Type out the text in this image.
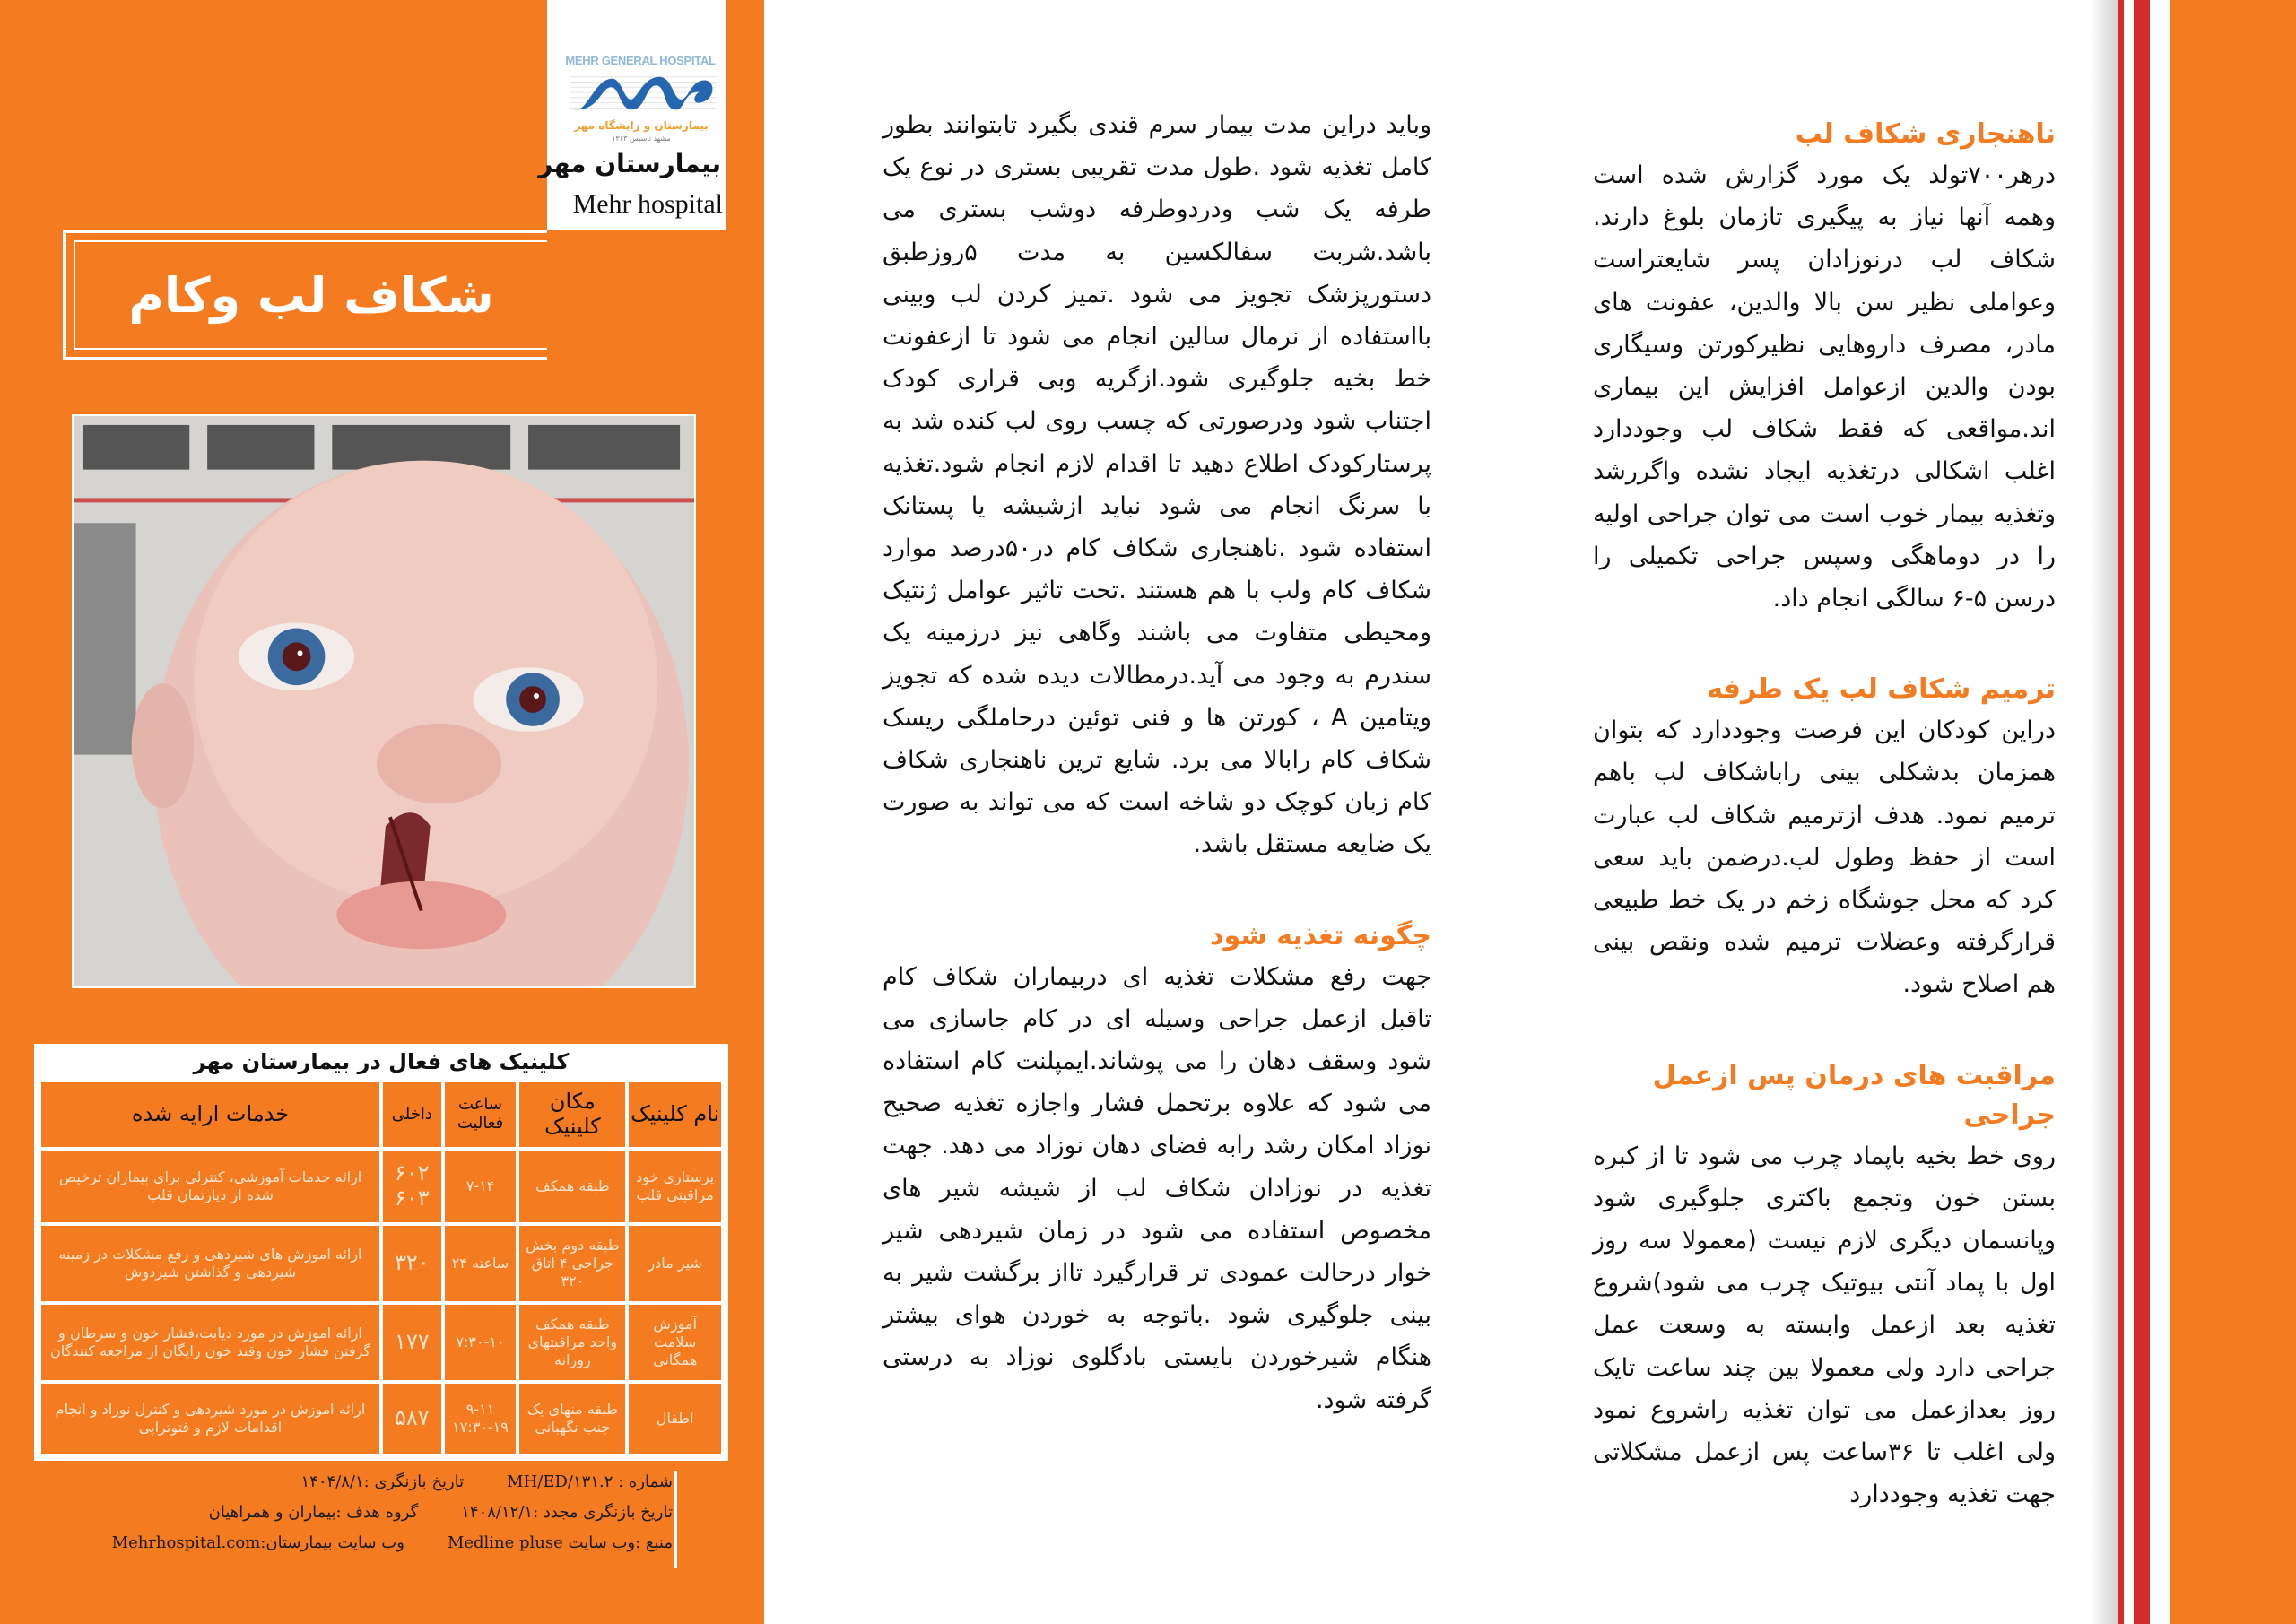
MEHR GENERAL HOSPITAL
بیمارستان و زایشگاه مهر
مشهد تاسیس ۱۳۶۳
بیمارستان مهر
Mehr hospital
شکاف لب وکام
کلینیک های فعال در بیمارستان مهر
نام کلینیک	مکان کلینیک	ساعت فعالیت	داخلی	خدمات ارایه شده
پرستاری خود مراقبتی قلب	طبقه همکف	۷-۱۴	۶۰۲ ۶۰۳	ارائه خدمات آموزشی، کنترلی برای بیماران ترخیص شده از دپارتمان قلب
شیر مادر	طبقه دوم بخش جراحی ۴ اتاق ۳۲۰	۲۴ ساعته	۳۲۰	ارائه اموزش های شیردهی و رفع مشکلات در زمینه شیردهی و گذاشتن شیردوش
آموزش سلامت همگانی	طبقه همکف واحد مراقبتهای روزانه	۷:۳۰-۱۰	۱۷۷	ارائه اموزش در مورد دیابت،فشار خون و سرطان و گرفتن فشار خون وقند خون رایگان از مراجعه کنندگان
اطفال	طبقه منهای یک جنب نگهبانی	۹-۱۱ ۱۷:۳۰-۱۹	۵۸۷	ارائه اموزش در مورد شیردهی و کنترل نوزاد و انجام اقدامات لازم و فتوتراپی
شماره : MH/ED/۱۳۱.۲
تاریخ بازنگری :۱۴۰۴/۸/۱
تاریخ بازنگری مجدد :۱۴۰۸/۱۲/۱
گروه هدف :بیماران و همراهیان
منبع :وب سایت Medline pluse
وب سایت بیمارستان:Mehrhospital.com

وباید دراین مدت بیمار سرم قندی بگیرد تابتوانند بطور کامل تغذیه شود .طول مدت تقریبی بستری در نوع یک طرفه یک شب ودردوطرفه دوشب بستری می باشد.شربت سفالکسین به مدت ۵روزطبق دستورپزشک تجویز می شود .تمیز کردن لب وبینی بااستفاده از نرمال سالین انجام می شود تا ازعفونت خط بخیه جلوگیری شود.ازگریه وبی قراری کودک اجتناب شود ودرصورتی که چسب روی لب کنده شد به پرستارکودک اطلاع دهید تا اقدام لازم انجام شود.تغذیه با سرنگ انجام می شود نباید ازشیشه یا پستانک استفاده شود .ناهنجاری شکاف کام در۵۰درصد موارد شکاف کام ولب با هم هستند .تحت تاثیر عوامل ژنتیک ومحیطی متفاوت می باشند وگاهی نیز درزمینه یک سندرم به وجود می آید.درمطالات دیده شده که تجویز ویتامین A ، کورتن ها و فنی توئین درحاملگی ریسک شکاف کام رابالا می برد. شایع ترین ناهنجاری شکاف کام زبان کوچک دو شاخه است که می تواند به صورت یک ضایعه مستقل باشد.

چگونه تغذیه شود

جهت رفع مشکلات تغذیه ای دربیماران شکاف کام تاقبل ازعمل جراحی وسیله ای در کام جاسازی می شود وسقف دهان را می پوشاند.ایمپلنت کام استفاده می شود که علاوه برتحمل فشار واجازه تغذیه صحیح نوزاد امکان رشد رابه فضای دهان نوزاد می دهد. جهت تغذیه در نوزادان شکاف لب از شیشه شیر های مخصوص استفاده می شود در زمان شیردهی شیر خوار درحالت عمودی تر قرارگیرد تااز برگشت شیر به بینی جلوگیری شود .باتوجه به خوردن هوای بیشتر هنگام شیرخوردن بایستی بادگلوی نوزاد به درستی گرفته شود.

ناهنجاری شکاف لب

درهر۷۰۰تولد یک مورد گزارش شده است وهمه آنها نیاز به پیگیری تازمان بلوغ دارند. شکاف لب درنوزادان پسر شایعتراست وعواملی نظیر سن بالا والدین، عفونت های مادر، مصرف داروهایی نظیرکورتن وسیگاری بودن والدین ازعوامل افزایش این بیماری اند.مواقعی که فقط شکاف لب وجوددارد اغلب اشکالی درتغذیه ایجاد نشده واگررشد وتغذیه بیمار خوب است می توان جراحی اولیه را در دوماهگی وسپس جراحی تکمیلی را درسن ۵-۶ سالگی انجام داد.

ترمیم شکاف لب یک طرفه

دراین کودکان این فرصت وجوددارد که بتوان همزمان بدشکلی بینی راباشکاف لب باهم ترمیم نمود. هدف ازترمیم شکاف لب عبارت است از حفظ وطول لب.درضمن باید سعی کرد که محل جوشگاه زخم در یک خط طبیعی قرارگرفته وعضلات ترمیم شده ونقص بینی هم اصلاح شود.

مراقبت های درمان پس ازعمل جراحی

روی خط بخیه باپماد چرب می شود تا از کبره بستن خون وتجمع باکتری جلوگیری شود وپانسمان دیگری لازم نیست (معمولا سه روز اول با پماد آنتی بیوتیک چرب می شود)شروع تغذیه بعد ازعمل وابسته به وسعت عمل جراحی دارد ولی معمولا بین چند ساعت تایک روز بعدازعمل می توان تغذیه راشروع نمود ولی اغلب تا ۳۶ساعت پس ازعمل مشکلاتی جهت تغذیه وجوددارد
